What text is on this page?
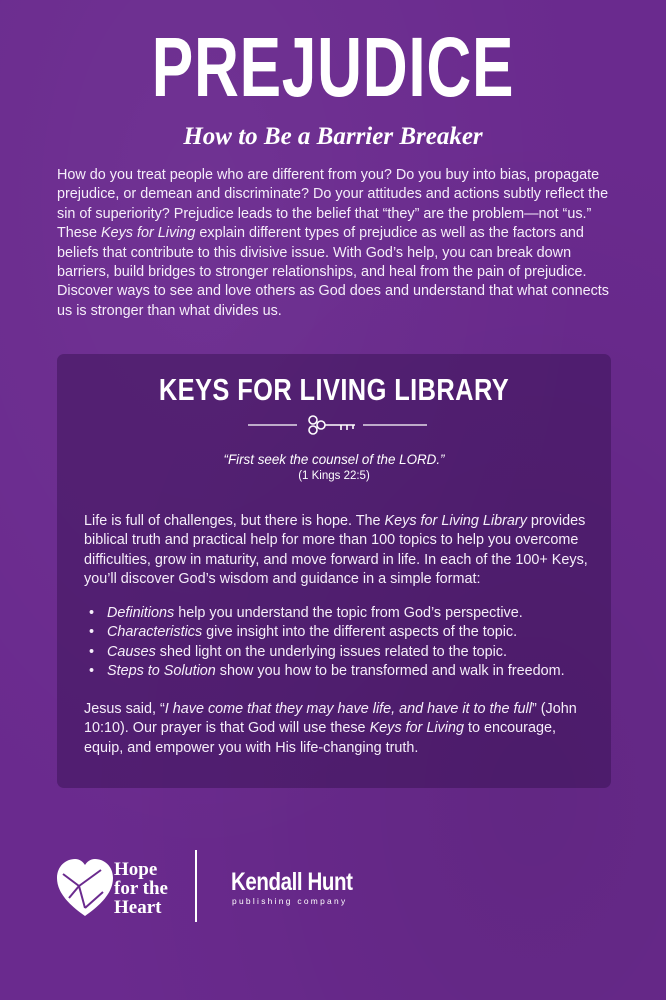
PREJUDICE
How to Be a Barrier Breaker

How do you treat people who are different from you? Do you buy into bias, propagate prejudice, or demean and discriminate? Do your attitudes and actions subtly reflect the sin of superiority? Prejudice leads to the belief that “they” are the problem—not “us.” These Keys for Living explain different types of prejudice as well as the factors and beliefs that contribute to this divisive issue. With God’s help, you can break down barriers, build bridges to stronger relationships, and heal from the pain of prejudice. Discover ways to see and love others as God does and understand that what connects us is stronger than what divides us.

KEYS FOR LIVING LIBRARY
“First seek the counsel of the LORD.”
(1 Kings 22:5)

Life is full of challenges, but there is hope. The Keys for Living Library provides biblical truth and practical help for more than 100 topics to help you overcome difficulties, grow in maturity, and move forward in life. In each of the 100+ Keys, you’ll discover God’s wisdom and guidance in a simple format:

• Definitions help you understand the topic from God’s perspective.
• Characteristics give insight into the different aspects of the topic.
• Causes shed light on the underlying issues related to the topic.
• Steps to Solution show you how to be transformed and walk in freedom.

Jesus said, “I have come that they may have life, and have it to the full” (John 10:10). Our prayer is that God will use these Keys for Living to encourage, equip, and empower you with His life-changing truth.

Hope
for the
Heart
Kendall Hunt
publishing company
